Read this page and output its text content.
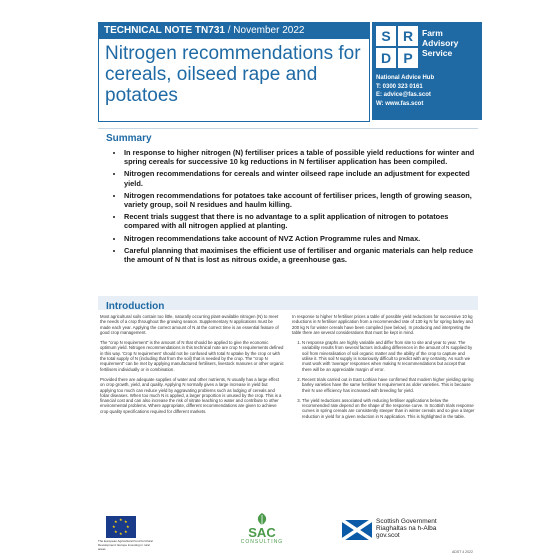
TECHNICAL NOTE TN731 / November 2022
Nitrogen recommendations for cereals, oilseed rape and potatoes
S R
D P
Farm
Advisory
Service
National Advice Hub
T: 0300 323 0161
E: advice@fas.scot
W: www.fas.scot
Summary
• In response to higher nitrogen (N) fertiliser prices a table of possible yield reductions for winter and spring cereals for successive 10 kg reductions in N fertiliser application has been compiled.
• Nitrogen recommendations for cereals and winter oilseed rape include an adjustment for expected yield.
• Nitrogen recommendations for potatoes take account of fertiliser prices, length of growing season, variety group, soil N residues and haulm killing.
• Recent trials suggest that there is no advantage to a split application of nitrogen to potatoes compared with all nitrogen applied at planting.
• Nitrogen recommendations take account of NVZ Action Programme rules and Nmax.
• Careful planning that maximises the efficient use of fertiliser and organic materials can help reduce the amount of N that is lost as nitrous oxide, a greenhouse gas.
Introduction

Most agricultural soils contain too little, naturally occurring plant-available nitrogen (N) to meet the needs of a crop throughout the growing season. Supplementary N applications must be made each year. Applying the correct amount of N at the correct time is an essential feature of good crop management.

The "crop N requirement" is the amount of N that should be applied to give the economic optimum yield. Nitrogen recommendations in this technical note are crop N requirements defined in this way. 'Crop N requirement' should not be confused with total N uptake by the crop or with the total supply of N (including that from the soil) that is needed by the crop. The "crop N requirement" can be met by applying manufactured fertilisers, livestock manures or other organic fertilisers individually or in combination.

Provided there are adequate supplies of water and other nutrients, N usually has a large effect on crop growth, yield, and quality. Applying N normally gives a large increase in yield but applying too much can reduce yield by aggravating problems such as lodging of cereals and foliar diseases. When too much N is applied, a larger proportion is unused by the crop. This is a financial cost and can also increase the risk of nitrate leaching to water and contribute to other environmental problems. Where appropriate, different recommendations are given to achieve crop quality specifications required for different markets.

In response to higher N fertiliser prices a table of possible yield reductions for successive 10 kg reductions in N fertiliser application from a recommended rate of 130 kg N for spring barley and 200 kg N for winter cereals have been compiled (see below). In producing and interpreting the table there are several considerations that must be kept in mind.

1. N response graphs are highly variable and differ from site to site and year to year. The variability results from several factors including differences in the amount of N supplied by soil from mineralisation of soil organic matter and the ability of the crop to capture and utilise it. This soil N supply is notoriously difficult to predict with any certainty. As such we must work with 'average' responses when making N recommendations but accept that there will be an appreciable margin of error.
2. Recent trials carried out in East Lothian have confirmed that modern higher yielding spring barley varieties have the same fertiliser N requirement as older varieties. This is because their N use efficiency has increased with breeding for yield.
3. The yield reductions associated with reducing fertiliser applications below the recommended rate depend on the shape of the response curve. In Scottish trials response curves in spring cereals are consistently steeper than in winter cereals and so give a larger reduction in yield for a given reduction in N application. This is highlighted in the table.
★ ★
★
★
★
★
★
★
The European Agricultural Fund for Rural Development: Europe investing in rural areas
SAC
CONSULTING
Scottish Government
Riaghaltas na h-Alba
gov.scot
ADST 4 2022
